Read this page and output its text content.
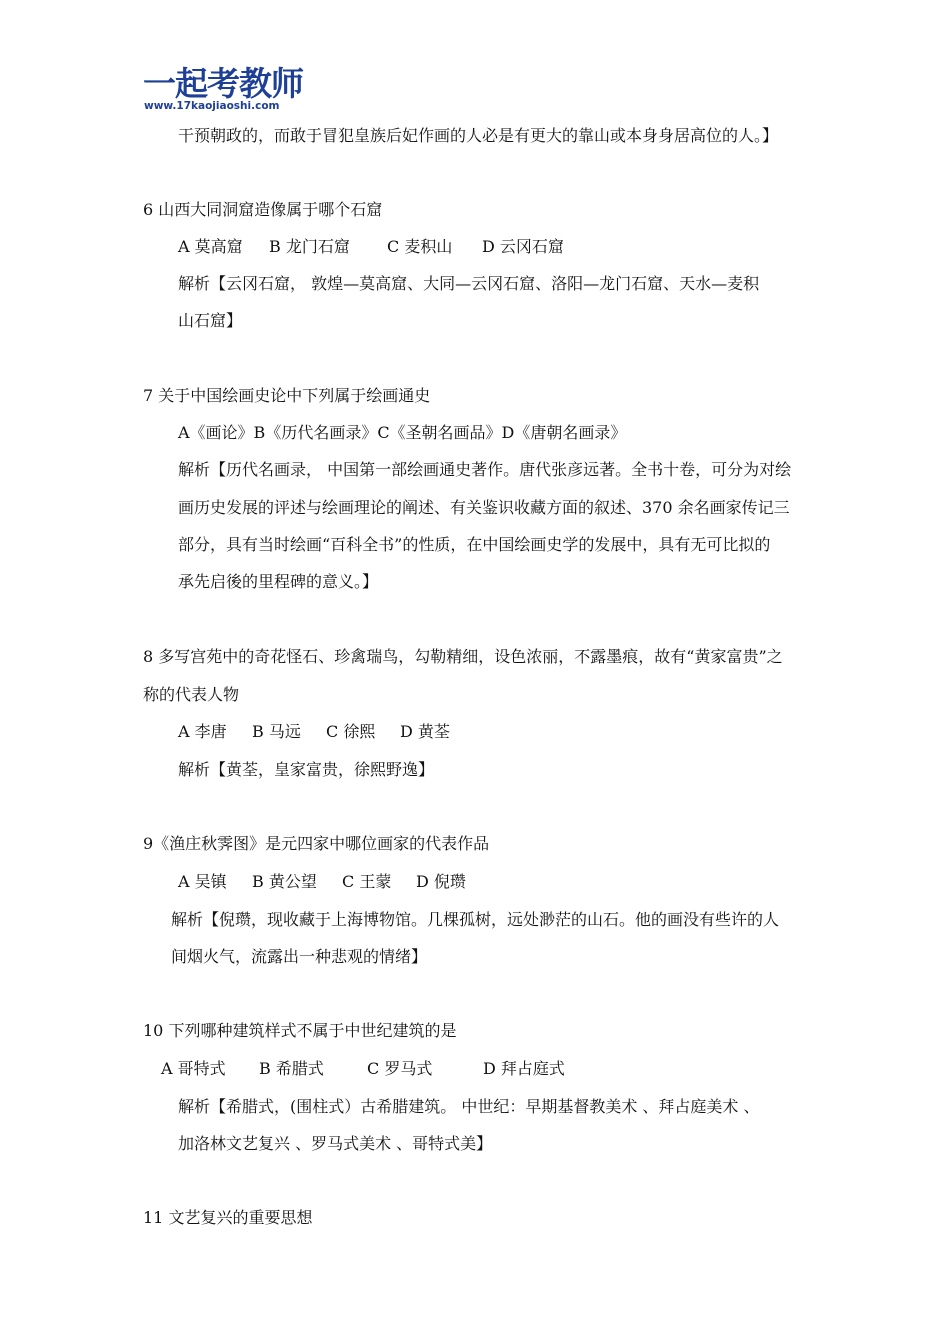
一起考教师
www.17kaojiaoshi.com
干预朝政的，而敢于冒犯皇族后妃作画的人必是有更大的靠山或本身身居高位的人。】
6 山西大同洞窟造像属于哪个石窟
A 莫高窟 B 龙门石窟 C 麦积山 D 云冈石窟
解析【云冈石窟， 敦煌—莫高窟、大同—云冈石窟、洛阳—龙门石窟、天水—麦积
山石窟】
7 关于中国绘画史论中下列属于绘画通史
A《画论》B《历代名画录》C《圣朝名画品》D《唐朝名画录》
解析【历代名画录， 中国第一部绘画通史著作。唐代张彦远著。全书十卷，可分为对绘
画历史发展的评述与绘画理论的阐述、有关鉴识收藏方面的叙述、370 余名画家传记三
部分，具有当时绘画“百科全书”的性质，在中国绘画史学的发展中，具有无可比拟的
承先启後的里程碑的意义。】
8 多写宫苑中的奇花怪石、珍禽瑞鸟，勾勒精细，设色浓丽，不露墨痕，故有“黄家富贵”之
称的代表人物
A 李唐 B 马远 C 徐熙 D 黄荃
解析【黄荃，皇家富贵，徐熙野逸】
9《渔庄秋霁图》是元四家中哪位画家的代表作品
A 吴镇 B 黄公望 C 王蒙 D 倪瓒
解析【倪瓒，现收藏于上海博物馆。几棵孤树，远处渺茫的山石。他的画没有些许的人
间烟火气，流露出一种悲观的情绪】
10 下列哪种建筑样式不属于中世纪建筑的是
A 哥特式 B 希腊式	C 罗马式	D 拜占庭式
解析【希腊式，(围柱式）古希腊建筑。 中世纪：早期基督教美术 、拜占庭美术 、
加洛林文艺复兴 、罗马式美术 、哥特式美】
11 文艺复兴的重要思想
